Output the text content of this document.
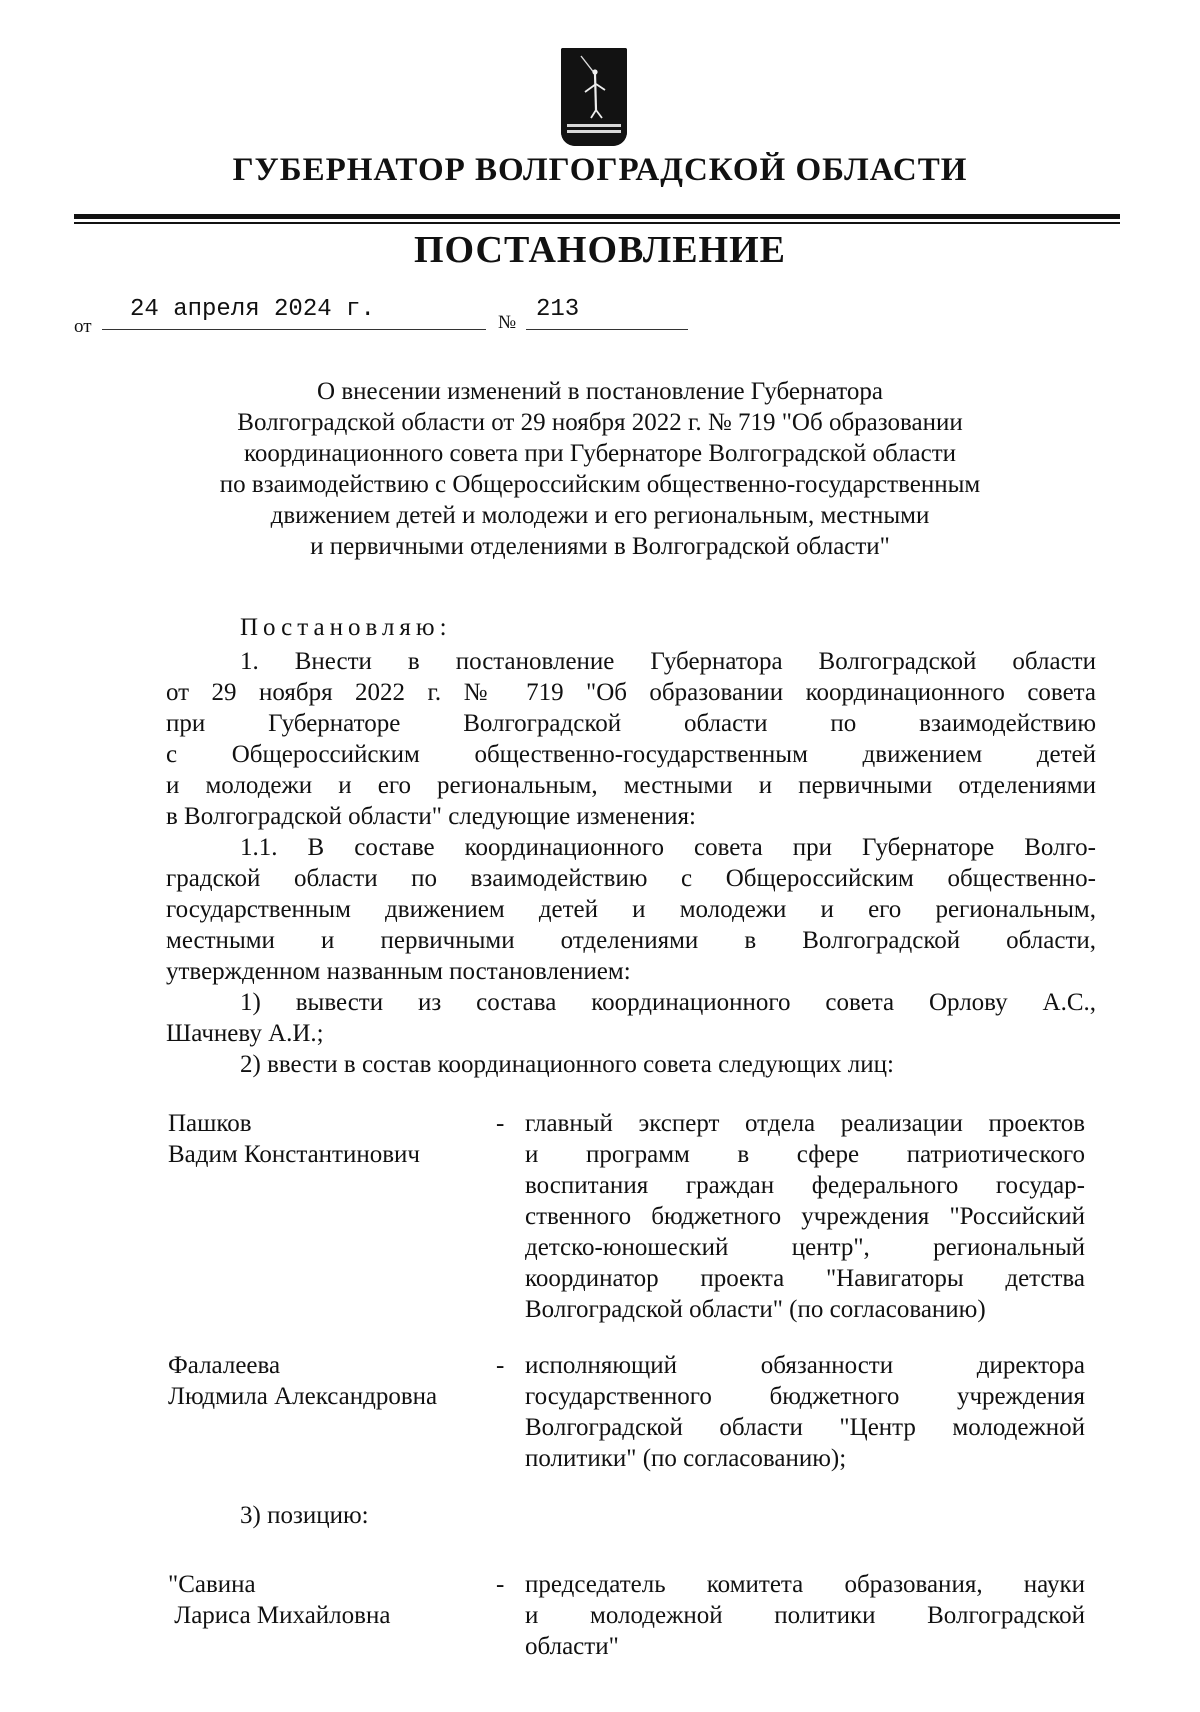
ГУБЕРНАТОР ВОЛГОГРАДСКОЙ ОБЛАСТИ
ПОСТАНОВЛЕНИЕ
от
24 апреля 2024 г.	№ 213
О внесении изменений в постановление Губернатора
Волгоградской области от 29 ноября 2022 г. № 719 "Об образовании
координационного совета при Губернаторе Волгоградской области
по взаимодействию с Общероссийским общественно-государственным
движением детей и молодежи и его региональным, местными
и первичными отделениями в Волгоградской области"
Постановляю:
1. Внести в постановление Губернатора Волгоградской области
от 29 ноября 2022 г. № 719 "Об образовании координационного совета
при Губернаторе Волгоградской области по взаимодействию
с Общероссийским общественно-государственным движением детей
и молодежи и его региональным, местными и первичными отделениями
в Волгоградской области" следующие изменения:
1.1. В составе координационного совета при Губернаторе Волго-
градской области по взаимодействию с Общероссийским общественно-
государственным движением детей и молодежи и его региональным,
местными и первичными отделениями в Волгоградской области,
утвержденном названным постановлением:
1) вывести из состава координационного совета Орлову А.С.,
Шачневу А.И.;
2) ввести в состав координационного совета следующих лиц:
Пашков
Вадим Константинович
- главный эксперт отдела реализации проектов
и программ в сфере патриотического
воспитания граждан федерального государ-
ственного бюджетного учреждения "Российский
детско-юношеский центр", региональный
координатор проекта "Навигаторы детства
Волгоградской области" (по согласованию)
Фалалеева
Людмила Александровна
- исполняющий обязанности директора
государственного бюджетного учреждения
Волгоградской области "Центр молодежной
политики" (по согласованию);
3) позицию:
"Савина
Лариса Михайловна
- председатель комитета образования, науки
и молодежной политики Волгоградской
области"
